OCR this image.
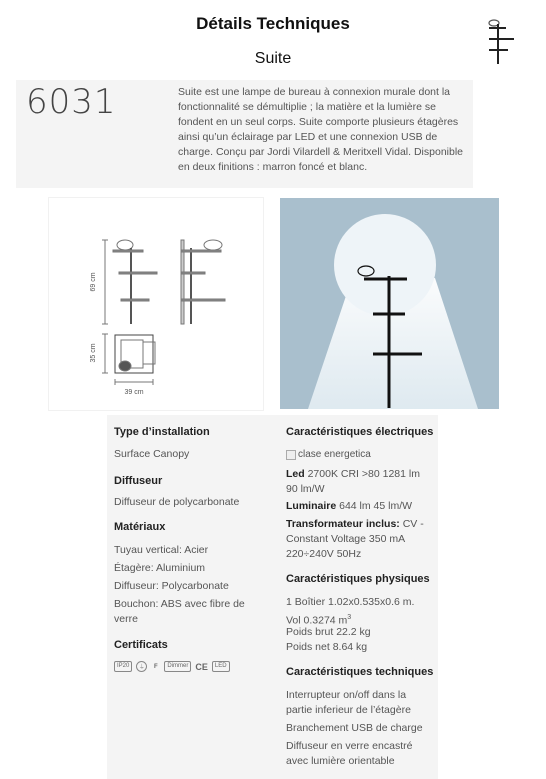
Détails Techniques
Suite
6031	Suite est une lampe de bureau à connexion murale dont la fonctionnalité se démultiplie ; la matière et la lumière se fondent en un seul corps. Suite comporte plusieurs étagères ainsi qu’un éclairage par LED et une connexion USB de charge. Conçu par Jordi Vilardell & Meritxell Vidal. Disponible en deux finitions : marron foncé et blanc.
69 cm
35 cm
39 cm
Type d’installation
Surface Canopy
Diffuseur
Diffuseur de polycarbonate
Matériaux
Tuyau vertical: Acier
Étagère: Aluminium
Diffuseur: Polycarbonate
Bouchon: ABS avec fibre de verre
Certificats
IP20	⏚	F	Dimmer CE	LED
Caractéristiques électriques
clase energetica
Led 2700K CRI >80 1281 lm 90 lm/W
Luminaire 644 lm 45 lm/W
Transformateur inclus: CV - Constant Voltage 350 mA 220÷240V 50Hz
Caractéristiques physiques
1 Boîtier 1.02x0.535x0.6 m.
Vol 0.3274 $m^3$
Poids brut 22.2 kg
Poids net 8.64 kg
Caractéristiques techniques
Interrupteur on/off dans la partie inferieur de l’étagère
Branchement USB de charge
Diffuseur en verre encastré avec lumière orientable
